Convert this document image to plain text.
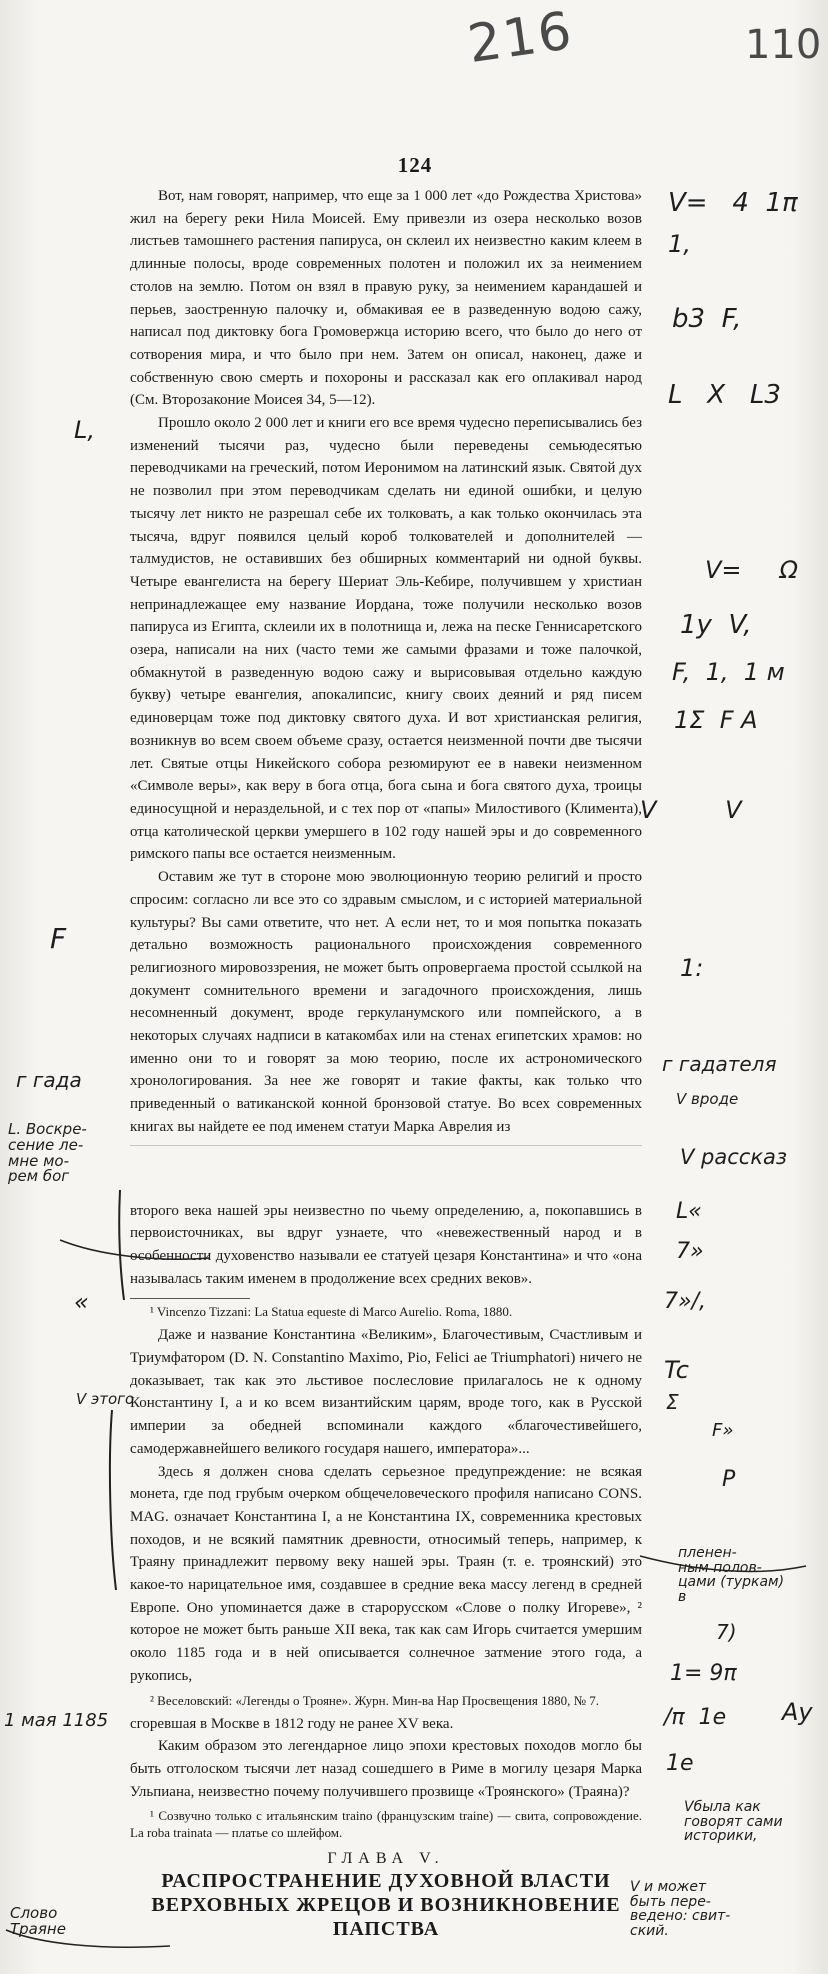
216	110
124

Вот, нам говорят, например, что еще за 1 000 лет «до Рождества Христова» жил на берегу реки Нила Моисей. Ему привезли из озера несколько возов листьев тамошнего растения папируса, он склеил их неизвестно каким клеем в длинные полосы, вроде современных полотен и положил их за неимением столов на землю. Потом он взял в правую руку, за неимением карандашей и перьев, заостренную палочку и, обмакивая ее в разведенную водою сажу, написал под диктовку бога Громовержца историю всего, что было до него от сотворения мира, и что было при нем. Затем он описал, наконец, даже и собственную свою смерть и похороны и рассказал как его оплакивал народ (См. Второзаконие Моисея 34, 5—12).

Прошло около 2 000 лет и книги его все время чудесно переписывались без изменений тысячи раз, чудесно были переведены семьюдесятью переводчиками на греческий, потом Иеронимом на латинский язык. Святой дух не позволил при этом переводчикам сделать ни единой ошибки, и целую тысячу лет никто не разрешал себе их толковать, а как только окончилась эта тысяча, вдруг появился целый короб толкователей и дополнителей — талмудистов, не оставивших без обширных комментарий ни одной буквы. Четыре евангелиста на берегу Шериат Эль-Кебире, получившем у христиан непринадлежащее ему название Иордана, тоже получили несколько возов папируса из Египта, склеили их в полотнища и, лежа на песке Геннисаретского озера, написали на них (часто теми же самыми фразами и тоже палочкой, обмакнутой в разведенную водою сажу и вырисовывая отдельно каждую букву) четыре евангелия, апокалипсис, книгу своих деяний и ряд писем единоверцам тоже под диктовку святого духа. И вот христианская религия, возникнув во всем своем объеме сразу, остается неизменной почти две тысячи лет. Святые отцы Никейского собора резюмируют ее в навеки неизменном «Символе веры», как веру в бога отца, бога сына и бога святого духа, троицы единосущной и нераздельной, и с тех пор от «папы» Милостивого (Климента), отца католической церкви умершего в 102 году нашей эры и до современного римского папы все остается неизменным.

Оставим же тут в стороне мою эволюционную теорию религий и просто спросим: согласно ли все это со здравым смыслом, и с историей материальной культуры? Вы сами ответите, что нет. А если нет, то и моя попытка показать детально возможность рационального происхождения современного религиозного мировоззрения, не может быть опровергаема простой ссылкой на документ сомнительного времени и загадочного происхождения, лишь несомненный документ, вроде геркуланумского или помпейского, а в некоторых случаях надписи в катакомбах или на стенах египетских храмов: но именно они то и говорят за мою теорию, после их астрономического хронологирования. За нее же говорят и такие факты, как только что приведенный о ватиканской конной бронзовой статуе. Во всех современных книгах вы найдете ее под именем статуи Марка Аврелия из

второго века нашей эры неизвестно по чьему определению, а, покопавшись в первоисточниках, вы вдруг узнаете, что «невежественный народ и в особенности духовенство называли ее статуей цезаря Константина» и что «она называлась таким именем в продолжение всех средних веков».

¹ Vincenzo Tizzani: La Statua equeste di Marco Aurelio. Roma, 1880.

Даже и название Константина «Великим», Благочестивым, Счастливым и Триумфатором (D. N. Constantino Maximo, Pio, Felici ae Triumphatori) ничего не доказывает, так как это льстивое послесловие прилагалось не к одному Константину I, а и ко всем византийским царям, вроде того, как в Русской империи за обедней вспоминали каждого «благочестивейшего, самодержавнейшего великого государя нашего, императора»...

Здесь я должен снова сделать серьезное предупреждение: не всякая монета, где под грубым очерком общечеловеческого профиля написано CONS. MAG. означает Константина I, а не Константина IX, современника крестовых походов, и не всякий памятник древности, относимый теперь, например, к Траяну принадлежит первому веку нашей эры. Траян (т. е. троянский) это какое-то нарицательное имя, создавшее в средние века массу легенд в средней Европе. Оно упоминается даже в старорусском «Слове о полку Игореве», ² которое не может быть раньше XII века, так как сам Игорь считается умершим около 1185 года и в ней описывается солнечное затмение этого года, а рукопись,

² Веселовский: «Легенды о Трояне». Журн. Мин-ва Нар Просвещения 1880, № 7.

сгоревшая в Москве в 1812 году не ранее XV века.

Каким образом это легендарное лицо эпохи крестовых походов могло бы быть отголоском тысячи лет назад сошедшего в Риме в могилу цезаря Марка Ульпиана, неизвестно почему получившего прозвище «Троянского» (Траяна)?

¹ Созвучно только с итальянским traino (французским traine) — свита, сопровождение. La roba trainata — платье со шлейфом.

ГЛАВА V.
РАСПРОСТРАНЕНИЕ ДУХОВНОЙ ВЛАСТИ ВЕРХОВНЫХ ЖРЕЦОВ И ВОЗНИКНОВЕНИЕ ПАПСТВА
V=   4  1π
1,
b3  F,
L   Χ   L3
V=     Ω
1y  V,
F,  1,  1 м
1Σ  F A
V         V
1:
г гадателя
V вроде
V рассказ
L«
7»
7»/,
Tc
Σ
F»
P
пленен-
ным полов-
цами (туркам)
в
7)
1= 9π
/π  1e Ay
1e
Vбыла как
говорят сами
историки,
V и может
быть пере-
ведено: свит-
ский.
L,
F
г гада
L. Воскре-
сение ле-
мне мо-
рем бог
«
V этого
1 мая 1185
Слово
Траяне
